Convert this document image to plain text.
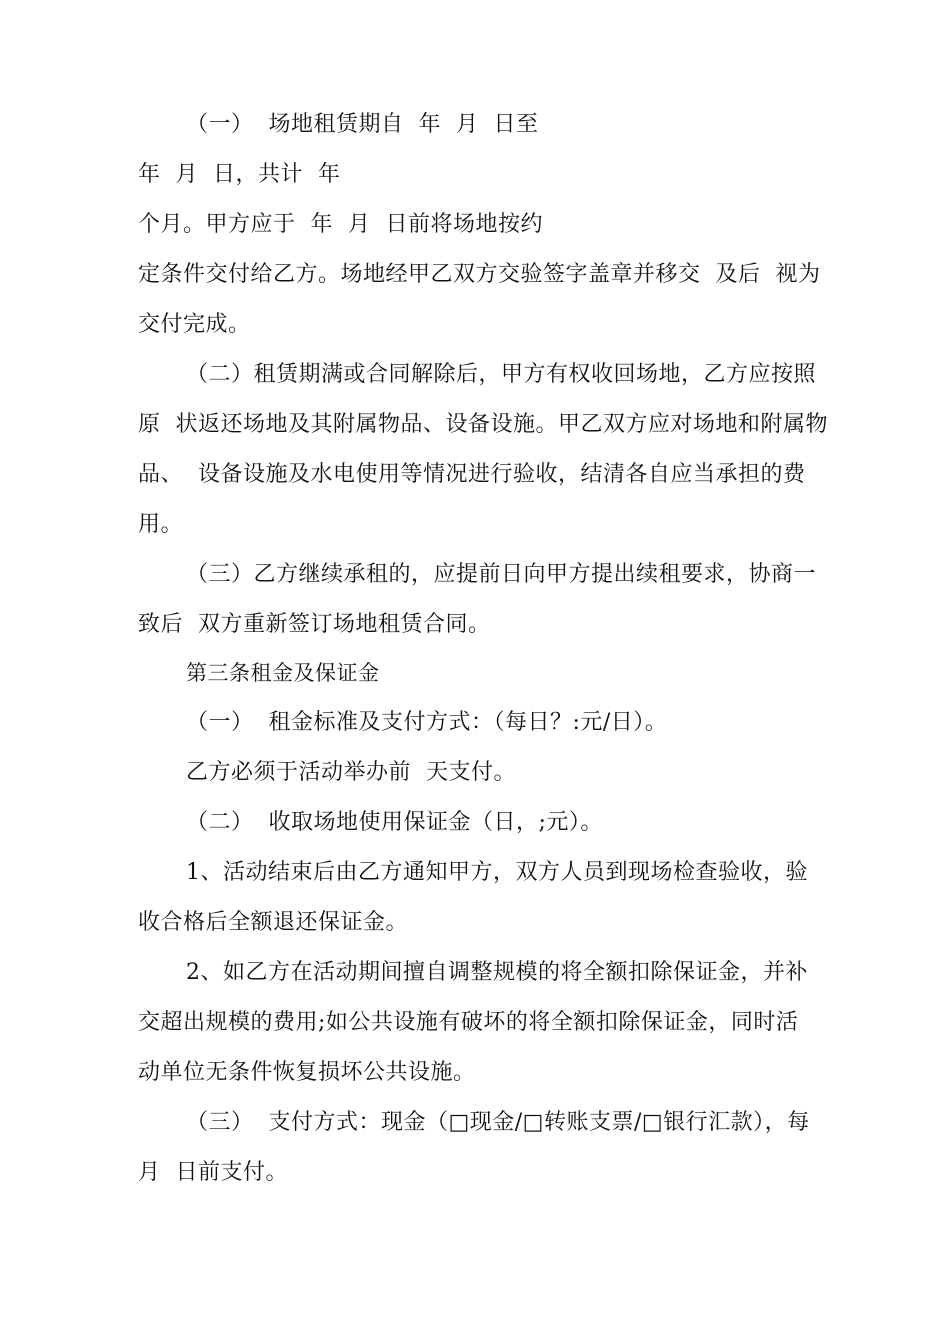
（一）  场地租赁期自  年  月  日至
年  月  日，共计  年
个月。甲方应于  年  月  日前将场地按约
定条件交付给乙方。场地经甲乙双方交验签字盖章并移交  及后  视为
交付完成。
（二）租赁期满或合同解除后，甲方有权收回场地，乙方应按照
原  状返还场地及其附属物品、设备设施。甲乙双方应对场地和附属物
品、  设备设施及水电使用等情况进行验收，结清各自应当承担的费
用。
（三）乙方继续承租的，应提前日向甲方提出续租要求，协商一
致后  双方重新签订场地租赁合同。
第三条租金及保证金
（一）  租金标准及支付方式：（每日？:元/日）。
乙方必须于活动举办前  天支付。
（二）  收取场地使用保证金（日，;元）。
1、活动结束后由乙方通知甲方，双方人员到现场检查验收，验
收合格后全额退还保证金。
2、如乙方在活动期间擅自调整规模的将全额扣除保证金，并补
交超出规模的费用;如公共设施有破坏的将全额扣除保证金，同时活
动单位无条件恢复损坏公共设施。
（三）  支付方式：现金（□现金/□转账支票/□银行汇款），每
月  日前支付。
